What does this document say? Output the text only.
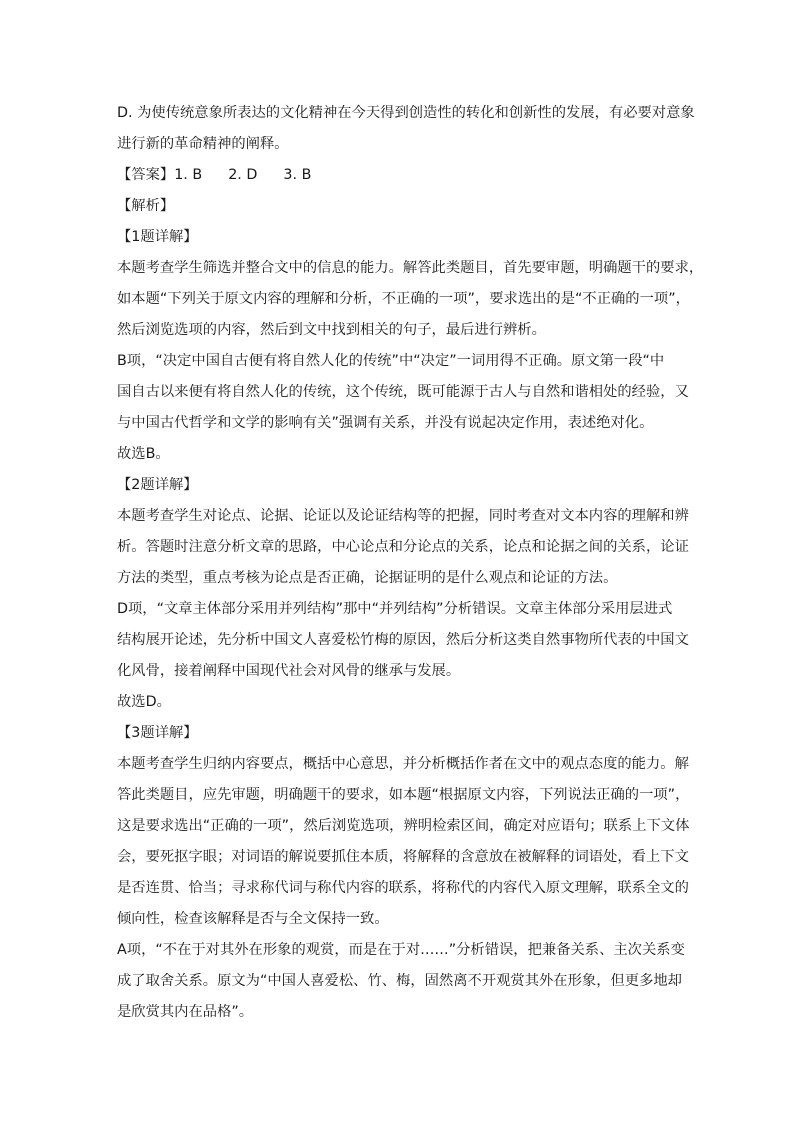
D. 为使传统意象所表达的文化精神在今天得到创造性的转化和创新性的发展，有必要对意象
进行新的革命精神的阐释。
【答案】1. B 2. D 3. B
【解析】
【1题详解】
本题考查学生筛选并整合文中的信息的能力。解答此类题目，首先要审题，明确题干的要求，
如本题“下列关于原文内容的理解和分析，不正确的一项”，要求选出的是“不正确的一项”，
然后浏览选项的内容，然后到文中找到相关的句子，最后进行辨析。
B项，“决定中国自古便有将自然人化的传统”中“决定”一词用得不正确。原文第一段“中
国自古以来便有将自然人化的传统，这个传统，既可能源于古人与自然和谐相处的经验，又
与中国古代哲学和文学的影响有关”强调有关系，并没有说起决定作用，表述绝对化。
故选B。
【2题详解】
本题考查学生对论点、论据、论证以及论证结构等的把握，同时考查对文本内容的理解和辨
析。答题时注意分析文章的思路，中心论点和分论点的关系，论点和论据之间的关系，论证
方法的类型，重点考核为论点是否正确，论据证明的是什么观点和论证的方法。
D项，“文章主体部分采用并列结构”那中“并列结构”分析错误。文章主体部分采用层进式
结构展开论述，先分析中国文人喜爱松竹梅的原因，然后分析这类自然事物所代表的中国文
化风骨，接着阐释中国现代社会对风骨的继承与发展。
故选D。
【3题详解】
本题考查学生归纳内容要点，概括中心意思，并分析概括作者在文中的观点态度的能力。解
答此类题目，应先审题，明确题干的要求，如本题“根据原文内容，下列说法正确的一项”，
这是要求选出“正确的一项”，然后浏览选项，辨明检索区间，确定对应语句；联系上下文体
会，要死抠字眼；对词语的解说要抓住本质，将解释的含意放在被解释的词语处，看上下文
是否连贯、恰当；寻求称代词与称代内容的联系，将称代的内容代入原文理解，联系全文的
倾向性，检查该解释是否与全文保持一致。
A项，“不在于对其外在形象的观赏，而是在于对……”分析错误，把兼备关系、主次关系变
成了取舍关系。原文为“中国人喜爱松、竹、梅，固然离不开观赏其外在形象，但更多地却
是欣赏其内在品格”。
